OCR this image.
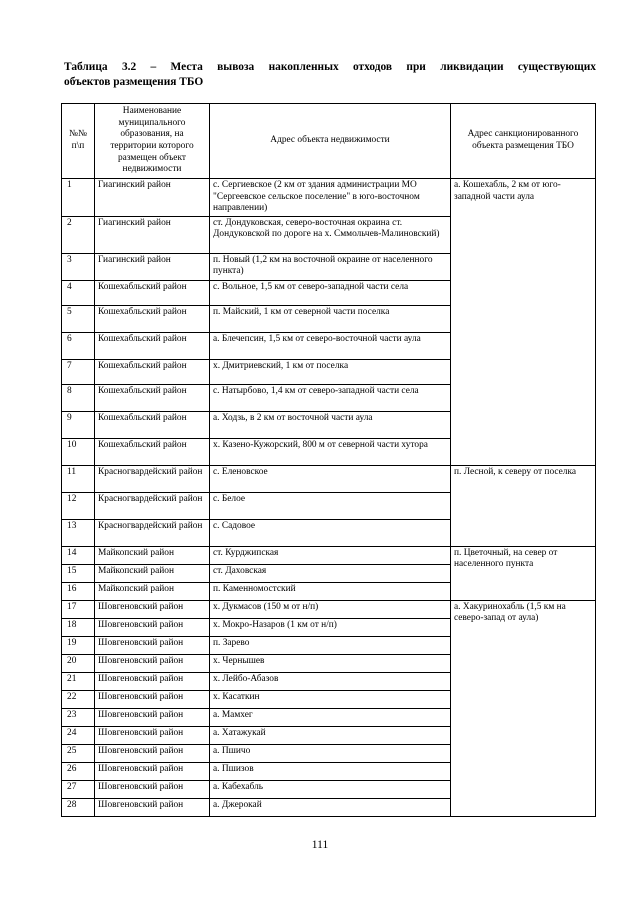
Таблица 3.2 – Места вывоза накопленных отходов при ликвидации существующих
объектов размещения ТБО
№№ п\п	Наименование муниципального образования, на территории которого размещен объект недвижимости	Адрес объекта недвижимости	Адрес санкционированного объекта размещения ТБО
1	Гиагинский район	с. Сергиевское (2 км от здания администрации МО "Сергеевское сельское поселение" в юго-восточном направлении)	а. Кошехабль, 2 км от юго-западной части аула
2	Гиагинский район	ст. Дондуковская, северо-восточная окраина ст. Дондуковской по дороге на х. Сммольчев-Малиновский)	
3	Гиагинский район	п. Новый (1,2 км на восточной окраине от населенного пункта)	
4	Кошехабльский район	с. Вольное, 1,5 км от северо-западной части села	
5	Кошехабльский район	п. Майский, 1 км от северной части поселка	
6	Кошехабльский район	а. Блечепсин, 1,5 км от северо-восточной части аула	
7	Кошехабльский район	х. Дмитриевский, 1 км от поселка	
8	Кошехабльский район	с. Натырбово, 1,4 км от северо-западной части села	
9	Кошехабльский район	а. Ходзь, в 2 км от восточной части аула	
10	Кошехабльский район	х. Казено-Кужорский, 800 м от северной части хутора	
11	Красногвардейский район	с. Еленовское	п. Лесной, к северу от поселка
12	Красногвардейский район	с. Белое	
13	Красногвардейский район	с. Садовое	
14	Майкопский район	ст. Курджипская	п. Цветочный, на север от населенного пункта
15	Майкопский район	ст. Даховская	
16	Майкопский район	п. Каменномостский	
17	Шовгеновский район	х. Дукмасов (150 м от н/п)	а. Хакуринохабль (1,5 км на северо-запад от аула)
18	Шовгеновский район	х. Мокро-Назаров (1 км от н/п)	
19	Шовгеновский район	п. Зарево	
20	Шовгеновский район	х. Чернышев	
21	Шовгеновский район	х. Лейбо-Абазов	
22	Шовгеновский район	х. Касаткин	
23	Шовгеновский район	а. Мамхег	
24	Шовгеновский район	а. Хатажукай	
25	Шовгеновский район	а. Пшичо	
26	Шовгеновский район	а. Пшизов	
27	Шовгеновский район	а. Кабехабль	
28	Шовгеновский район	а. Джерокай	
111
